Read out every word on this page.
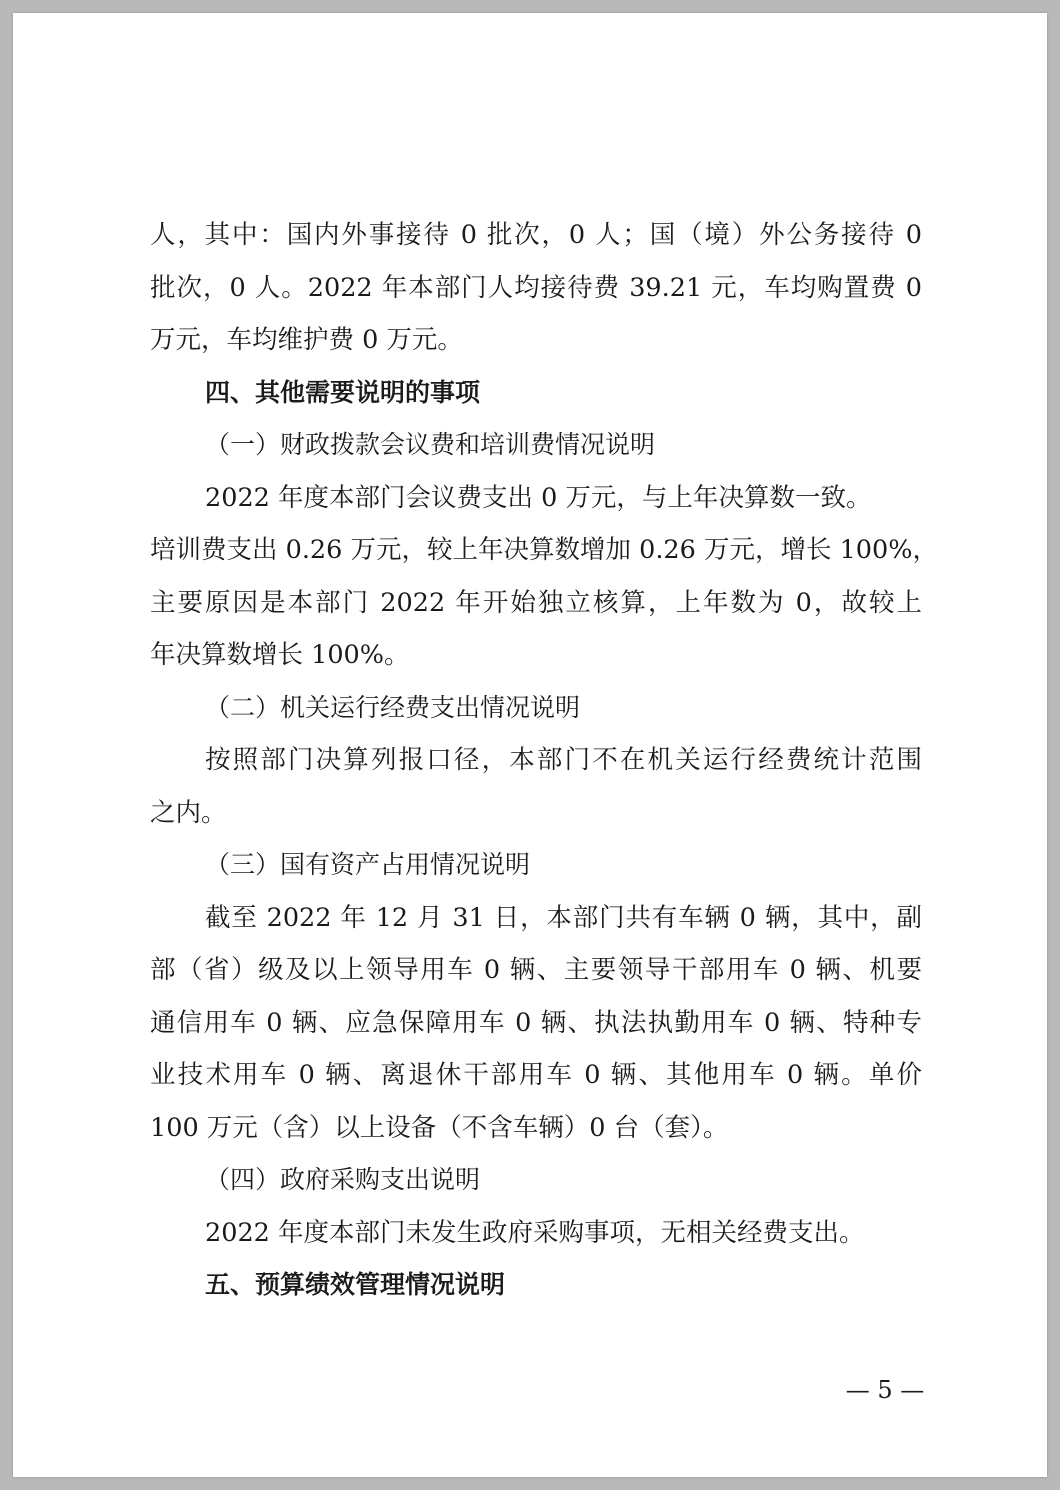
人，其中：国内外事接待 0 批次，0 人；国（境）外公务接待 0
批次，0 人。2022 年本部门人均接待费 39.21 元，车均购置费 0
万元，车均维护费 0 万元。
四、其他需要说明的事项
（一）财政拨款会议费和培训费情况说明
2022 年度本部门会议费支出 0 万元，与上年决算数一致。
培训费支出 0.26 万元，较上年决算数增加 0.26 万元，增长 100%，
主要原因是本部门 2022 年开始独立核算，上年数为 0，故较上
年决算数增长 100%。
（二）机关运行经费支出情况说明
按照部门决算列报口径，本部门不在机关运行经费统计范围
之内。
（三）国有资产占用情况说明
截至 2022 年 12 月 31 日，本部门共有车辆 0 辆，其中，副
部（省）级及以上领导用车 0 辆、主要领导干部用车 0 辆、机要
通信用车 0 辆、应急保障用车 0 辆、执法执勤用车 0 辆、特种专
业技术用车 0 辆、离退休干部用车 0 辆、其他用车 0 辆。单价
100 万元（含）以上设备（不含车辆）0 台（套）。
（四）政府采购支出说明
2022 年度本部门未发生政府采购事项，无相关经费支出。
五、预算绩效管理情况说明
— 5 —
